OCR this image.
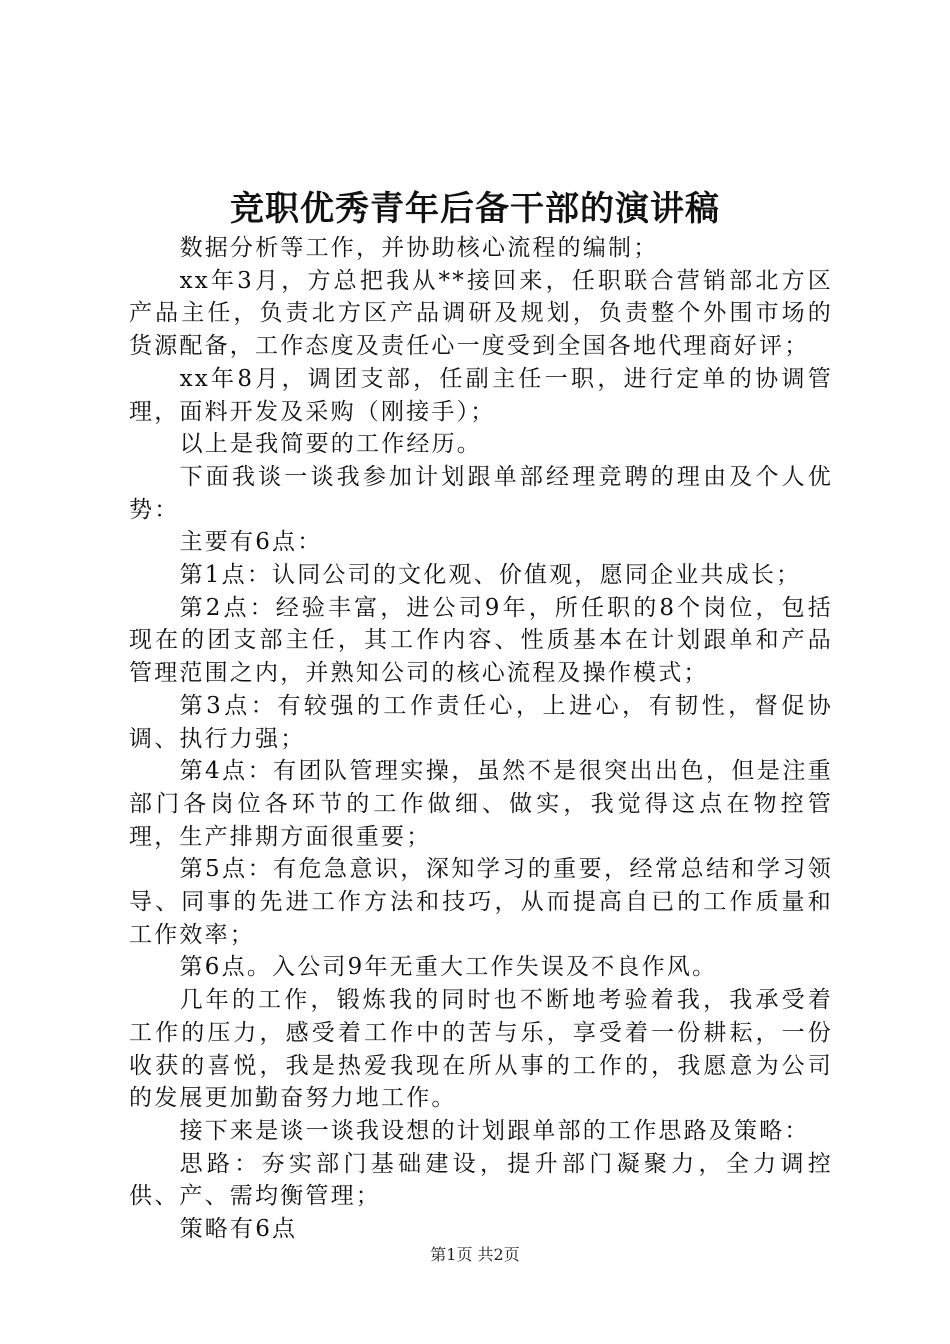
竞职优秀青年后备干部的演讲稿

数据分析等工作，并协助核心流程的编制；

xx年3月，方总把我从**接回来，任职联合营销部北方区产品主任，负责北方区产品调研及规划，负责整个外围市场的货源配备，工作态度及责任心一度受到全国各地代理商好评；

xx年8月，调团支部，任副主任一职，进行定单的协调管理，面料开发及采购（刚接手）；

以上是我简要的工作经历。

下面我谈一谈我参加计划跟单部经理竞聘的理由及个人优势：

主要有6点：

第1点：认同公司的文化观、价值观，愿同企业共成长；

第2点：经验丰富，进公司9年，所任职的8个岗位，包括现在的团支部主任，其工作内容、性质基本在计划跟单和产品管理范围之内，并熟知公司的核心流程及操作模式；

第3点：有较强的工作责任心，上进心，有韧性，督促协调、执行力强；

第4点：有团队管理实操，虽然不是很突出出色，但是注重部门各岗位各环节的工作做细、做实，我觉得这点在物控管理，生产排期方面很重要；

第5点：有危急意识，深知学习的重要，经常总结和学习领导、同事的先进工作方法和技巧，从而提高自已的工作质量和工作效率；

第6点。入公司9年无重大工作失误及不良作风。

几年的工作，锻炼我的同时也不断地考验着我，我承受着工作的压力，感受着工作中的苦与乐，享受着一份耕耘，一份收获的喜悦，我是热爱我现在所从事的工作的，我愿意为公司的发展更加勤奋努力地工作。

接下来是谈一谈我设想的计划跟单部的工作思路及策略：

思路：夯实部门基础建设，提升部门凝聚力，全力调控供、产、需均衡管理；

策略有6点

第1页 共2页
